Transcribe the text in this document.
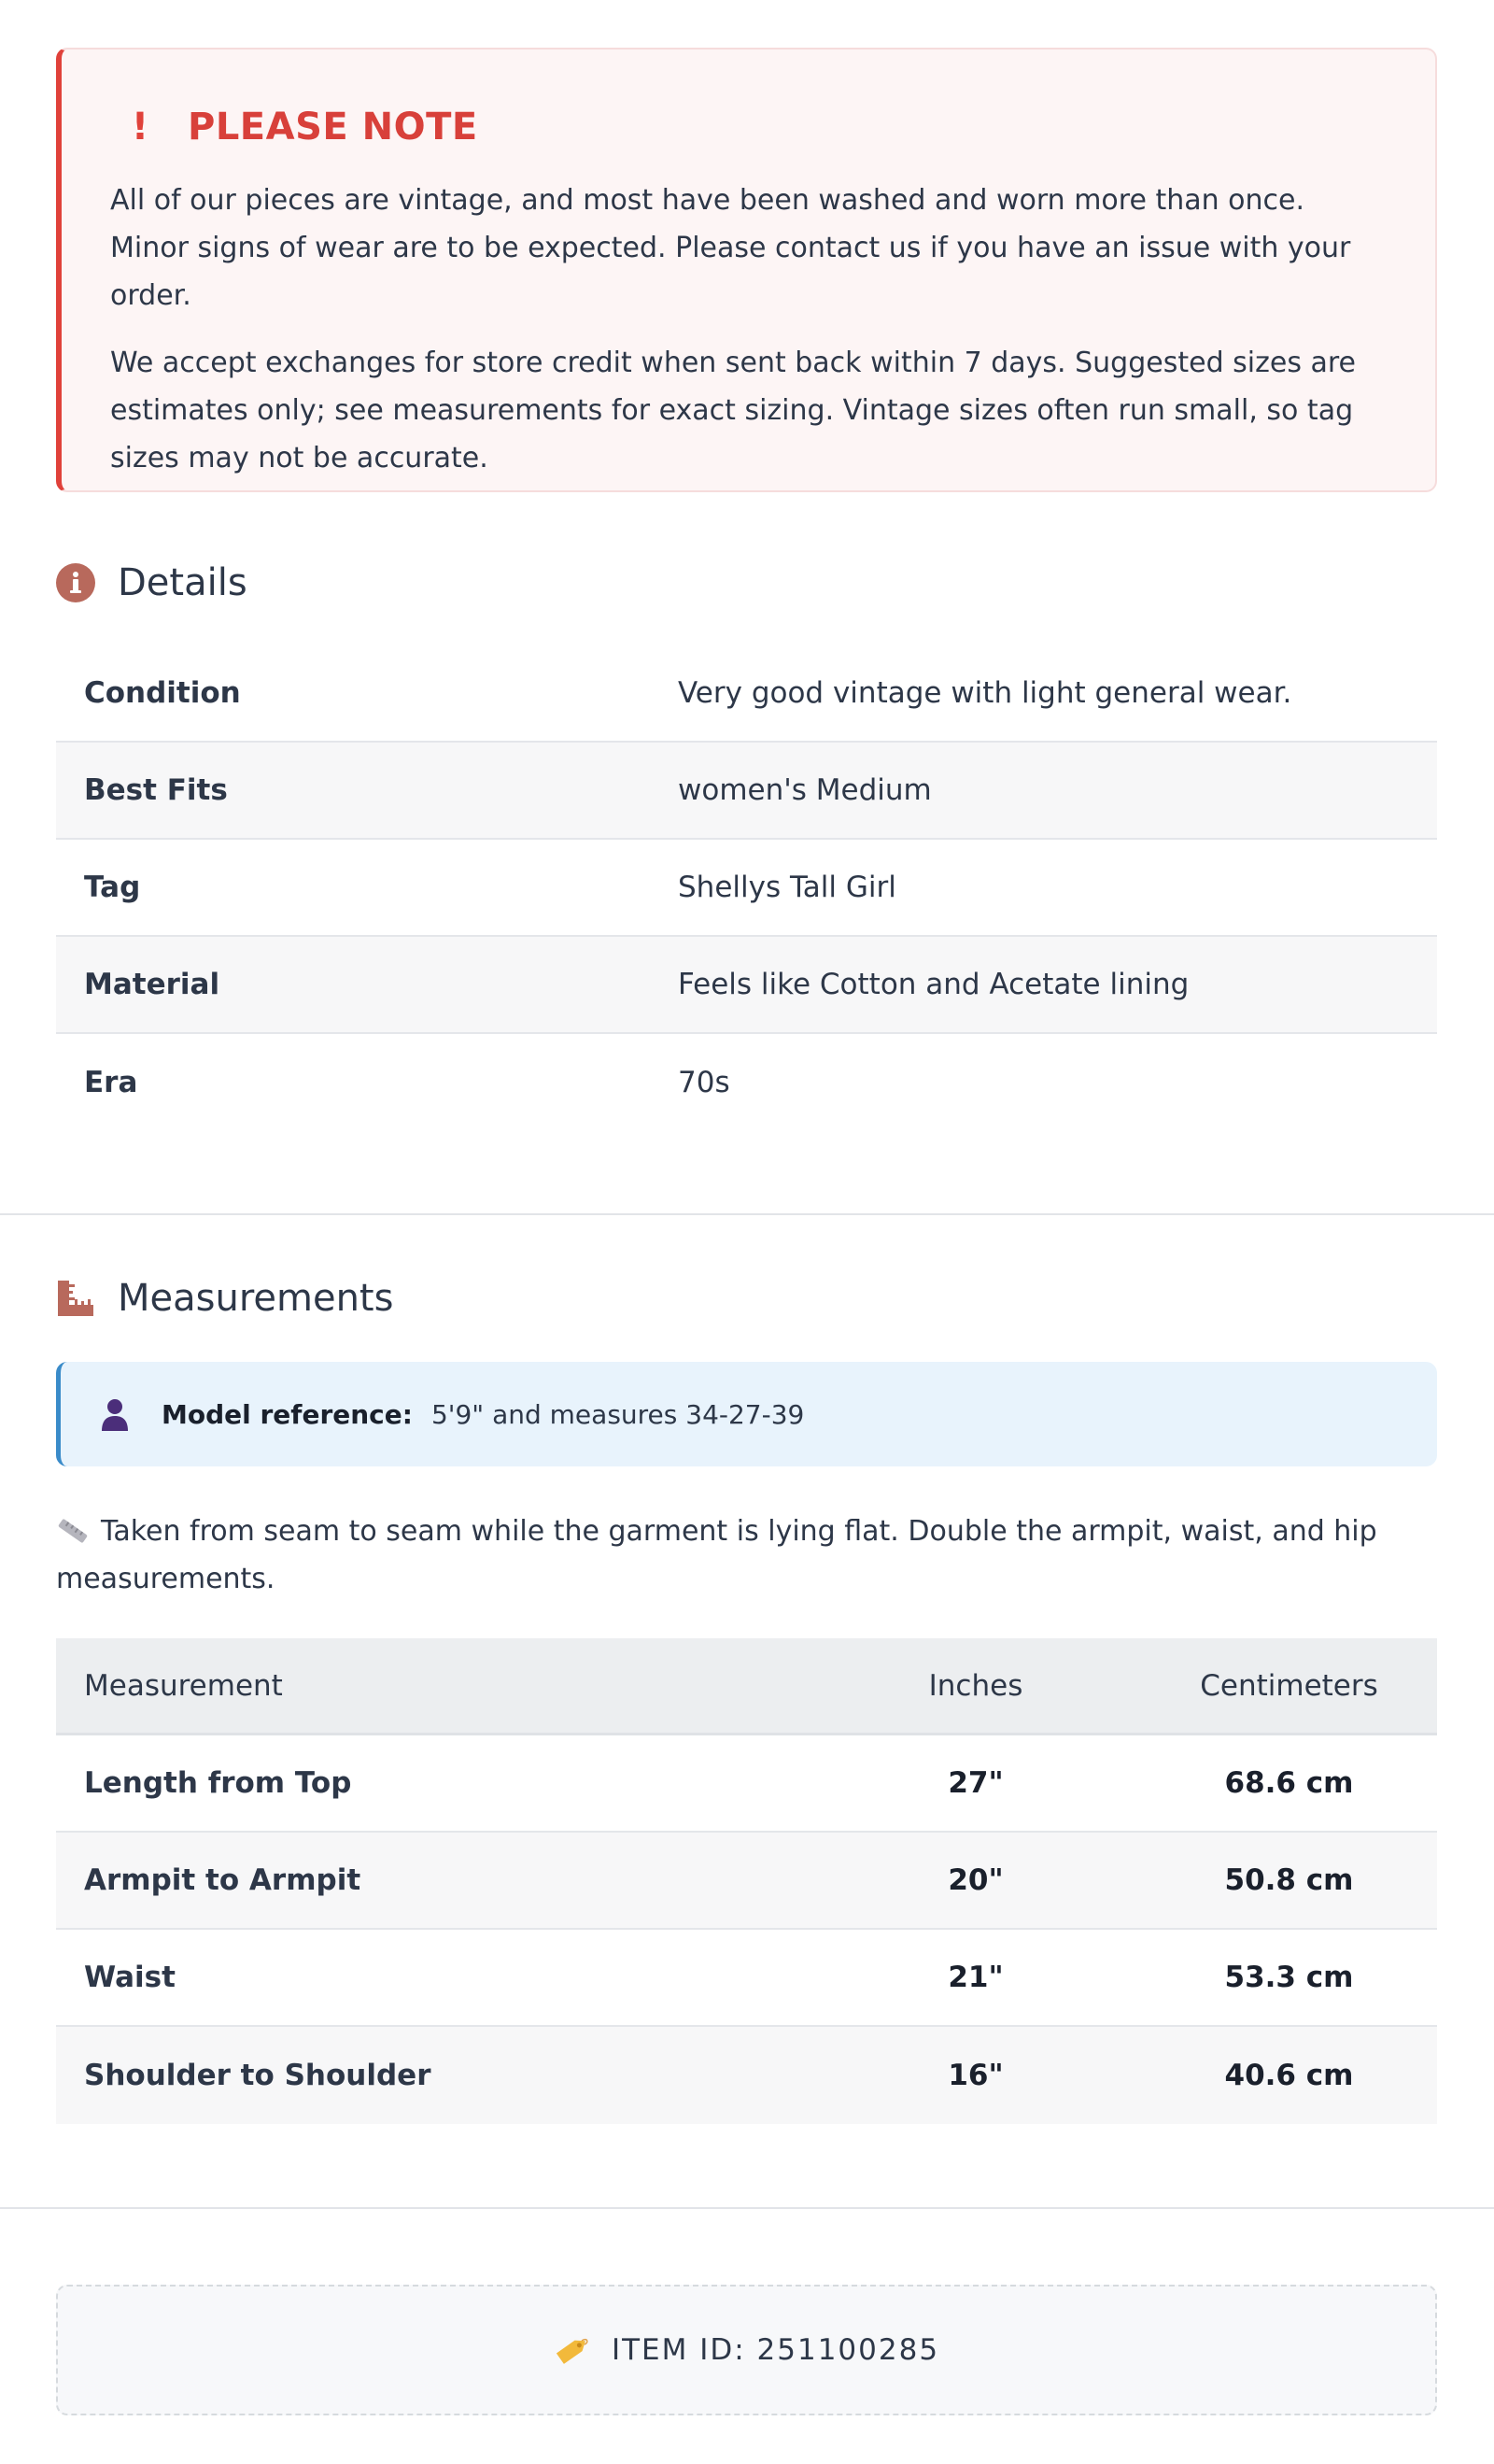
! PLEASE NOTE

All of our pieces are vintage, and most have been washed and worn more than once. Minor signs of wear are to be expected. Please contact us if you have an issue with your order.

We accept exchanges for store credit when sent back within 7 days. Suggested sizes are estimates only; see measurements for exact sizing. Vintage sizes often run small, so tag sizes may not be accurate.

Details
Condition	Very good vintage with light general wear.
Best Fits	women's Medium
Tag	Shellys Tall Girl
Material	Feels like Cotton and Acetate lining
Era	70s
Measurements
Model reference: 5'9" and measures 34-27-39
Taken from seam to seam while the garment is lying flat. Double the armpit, waist, and hip measurements.
Measurement	Inches	Centimeters
Length from Top	27"	68.6 cm
Armpit to Armpit	20"	50.8 cm
Waist	21"	53.3 cm
Shoulder to Shoulder	16"	40.6 cm
ITEM ID: 251100285
